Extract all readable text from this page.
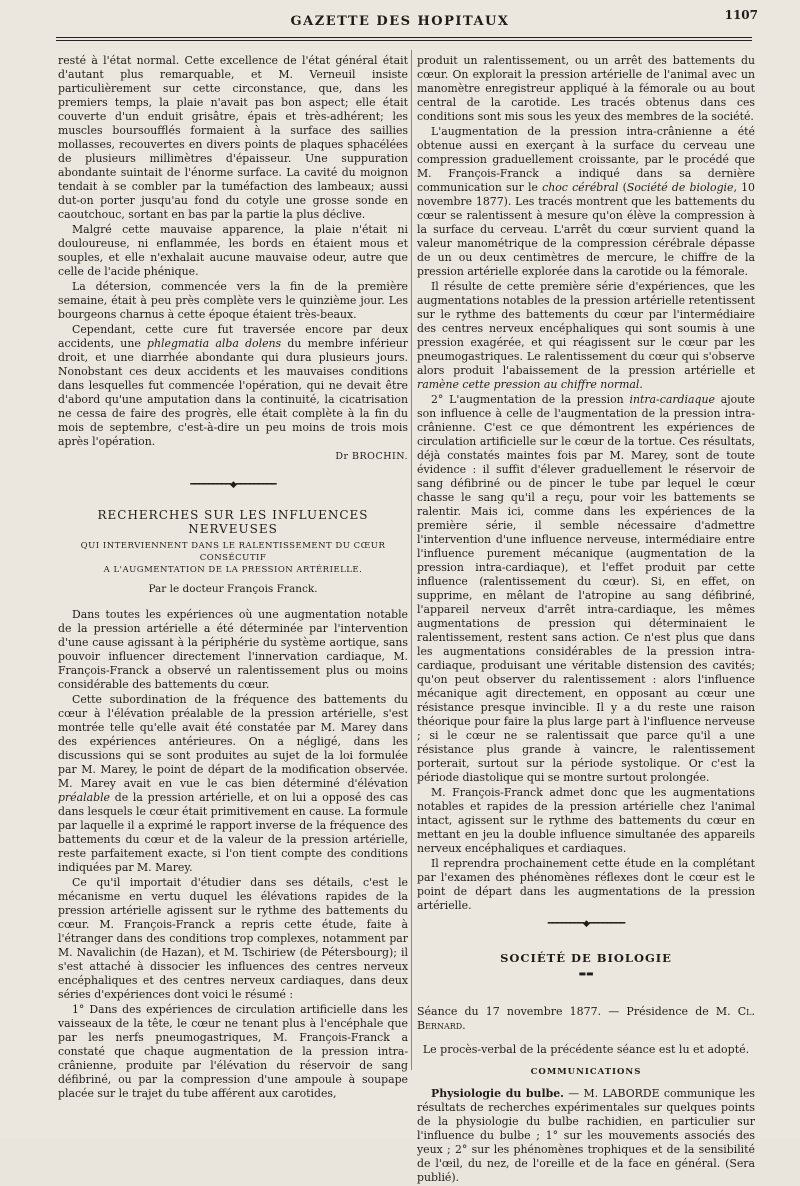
GAZETTE DES HOPITAUX	1107

resté à l'état normal. Cette excellence de l'état général était d'autant plus remarquable, et M. Verneuil insiste particulièrement sur cette circonstance, que, dans les premiers temps, la plaie n'avait pas bon aspect; elle était couverte d'un enduit grisâtre, épais et très-adhérent; les muscles boursoufflés formaient à la surface des saillies mollasses, recouvertes en divers points de plaques sphacélées de plusieurs millimètres d'épaisseur. Une suppuration abondante suintait de l'énorme surface. La cavité du moignon tendait à se combler par la tuméfaction des lambeaux; aussi dut-on porter jusqu'au fond du cotyle une grosse sonde en caoutchouc, sortant en bas par la partie la plus déclive.

Malgré cette mauvaise apparence, la plaie n'était ni douloureuse, ni enflammée, les bords en étaient mous et souples, et elle n'exhalait aucune mauvaise odeur, autre que celle de l'acide phénique.

La détersion, commencée vers la fin de la première semaine, était à peu près complète vers le quinzième jour. Les bourgeons charnus à cette époque étaient très-beaux.

Cependant, cette cure fut traversée encore par deux accidents, une phlegmatia alba dolens du membre inférieur droit, et une diarrhée abondante qui dura plusieurs jours. Nonobstant ces deux accidents et les mauvaises conditions dans lesquelles fut commencée l'opération, qui ne devait être d'abord qu'une amputation dans la continuité, la cicatrisation ne cessa de faire des progrès, elle était complète à la fin du mois de septembre, c'est-à-dire un peu moins de trois mois après l'opération.

Dr BROCHIN.

━━━━━━━━━◆━━━━━━━━━
RECHERCHES SUR LES INFLUENCES NERVEUSES
QUI INTERVIENNENT DANS LE RALENTISSEMENT DU CŒUR CONSÉCUTIF
A L'AUGMENTATION DE LA PRESSION ARTÉRIELLE.
Par le docteur François Franck.

Dans toutes les expériences où une augmentation notable de la pression artérielle a été déterminée par l'intervention d'une cause agissant à la périphérie du système aortique, sans pouvoir influencer directement l'innervation cardiaque, M. François-Franck a observé un ralentissement plus ou moins considérable des battements du cœur.

Cette subordination de la fréquence des battements du cœur à l'élévation préalable de la pression artérielle, s'est montrée telle qu'elle avait été constatée par M. Marey dans des expériences antérieures. On a négligé, dans les discussions qui se sont produites au sujet de la loi formulée par M. Marey, le point de départ de la modification observée. M. Marey avait en vue le cas bien déterminé d'élévation préalable de la pression artérielle, et on lui a opposé des cas dans lesquels le cœur était primitivement en cause. La formule par laquelle il a exprimé le rapport inverse de la fréquence des battements du cœur et de la valeur de la pression artérielle, reste parfaitement exacte, si l'on tient compte des conditions indiquées par M. Marey.

Ce qu'il importait d'étudier dans ses détails, c'est le mécanisme en vertu duquel les élévations rapides de la pression artérielle agissent sur le rythme des battements du cœur. M. François-Franck a repris cette étude, faite à l'étranger dans des conditions trop complexes, notamment par M. Navalichin (de Hazan), et M. Tschiriew (de Pétersbourg); il s'est attaché à dissocier les influences des centres nerveux encéphaliques et des centres nerveux cardiaques, dans deux séries d'expériences dont voici le résumé :

1° Dans des expériences de circulation artificielle dans les vaisseaux de la tête, le cœur ne tenant plus à l'encéphale que par les nerfs pneumogastriques, M. François-Franck a constaté que chaque augmentation de la pression intra-crânienne, produite par l'élévation du réservoir de sang défibriné, ou par la compression d'une ampoule à soupape placée sur le trajet du tube afférent aux carotides,

produit un ralentissement, ou un arrêt des battements du cœur. On explorait la pression artérielle de l'animal avec un manomètre enregistreur appliqué à la fémorale ou au bout central de la carotide. Les tracés obtenus dans ces conditions sont mis sous les yeux des membres de la société.

L'augmentation de la pression intra-crânienne a été obtenue aussi en exerçant à la surface du cerveau une compression graduellement croissante, par le procédé que M. François-Franck a indiqué dans sa dernière communication sur le choc cérébral (Société de biologie, 10 novembre 1877). Les tracés montrent que les battements du cœur se ralentissent à mesure qu'on élève la compression à la surface du cerveau. L'arrêt du cœur survient quand la valeur manométrique de la compression cérébrale dépasse de un ou deux centimètres de mercure, le chiffre de la pression artérielle explorée dans la carotide ou la fémorale.

Il résulte de cette première série d'expériences, que les augmentations notables de la pression artérielle retentissent sur le rythme des battements du cœur par l'intermédiaire des centres nerveux encéphaliques qui sont soumis à une pression exagérée, et qui réagissent sur le cœur par les pneumogastriques. Le ralentissement du cœur qui s'observe alors produit l'abaissement de la pression artérielle et ramène cette pression au chiffre normal.

2° L'augmentation de la pression intra-cardiaque ajoute son influence à celle de l'augmentation de la pression intra-crânienne. C'est ce que démontrent les expériences de circulation artificielle sur le cœur de la tortue. Ces résultats, déjà constatés maintes fois par M. Marey, sont de toute évidence : il suffit d'élever graduellement le réservoir de sang défibriné ou de pincer le tube par lequel le cœur chasse le sang qu'il a reçu, pour voir les battements se ralentir. Mais ici, comme dans les expériences de la première série, il semble nécessaire d'admettre l'intervention d'une influence nerveuse, intermédiaire entre l'influence purement mécanique (augmentation de la pression intra-cardiaque), et l'effet produit par cette influence (ralentissement du cœur). Si, en effet, on supprime, en mêlant de l'atropine au sang défibriné, l'appareil nerveux d'arrêt intra-cardiaque, les mêmes augmentations de pression qui déterminaient le ralentissement, restent sans action. Ce n'est plus que dans les augmentations considérables de la pression intra-cardiaque, produisant une véritable distension des cavités; qu'on peut observer du ralentissement : alors l'influence mécanique agit directement, en opposant au cœur une résistance presque invincible. Il y a du reste une raison théorique pour faire la plus large part à l'influence nerveuse ; si le cœur ne se ralentissait que parce qu'il a une résistance plus grande à vaincre, le ralentissement porterait, surtout sur la période systolique. Or c'est la période diastolique qui se montre surtout prolongée.

M. François-Franck admet donc que les augmentations notables et rapides de la pression artérielle chez l'animal intact, agissent sur le rythme des battements du cœur en mettant en jeu la double influence simultanée des appareils nerveux encéphaliques et cardiaques.

Il reprendra prochainement cette étude en la complétant par l'examen des phénomènes réflexes dont le cœur est le point de départ dans les augmentations de la pression artérielle.

━━━━━━━━◆━━━━━━━━
SOCIÉTÉ DE BIOLOGIE
▬▬

Séance du 17 novembre 1877. — Présidence de M. Cl. Bernard.

Le procès-verbal de la précédente séance est lu et adopté.

COMMUNICATIONS

Physiologie du bulbe. — M. LABORDE communique les résultats de recherches expérimentales sur quelques points de la physiologie du bulbe rachidien, en particulier sur l'influence du bulbe ; 1° sur les mouvements associés des yeux ; 2° sur les phénomènes trophiques et de la sensibilité de l'œil, du nez, de l'oreille et de la face en général. (Sera publié).
